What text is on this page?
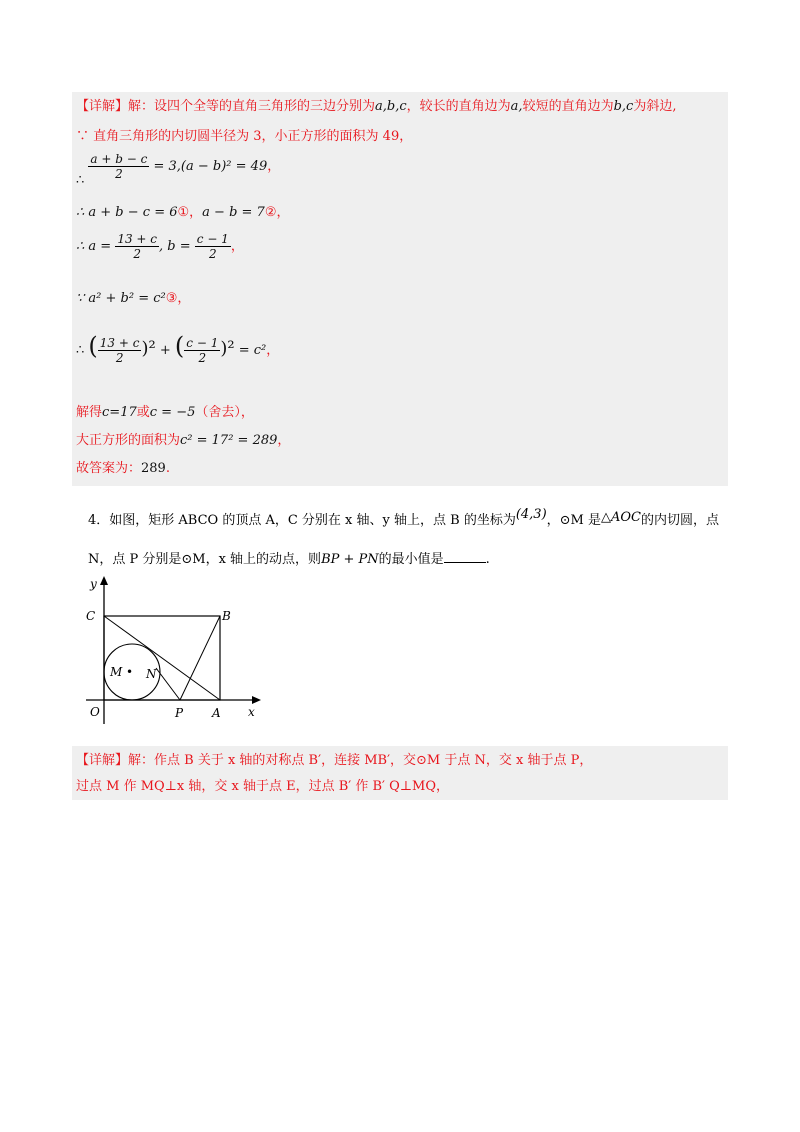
【详解】解：设四个全等的直角三角形的三边分别为a,b,c，较长的直角边为a,较短的直角边为b,c为斜边,
∵ 直角三角形的内切圆半径为 3，小正方形的面积为 49，
∴ $\frac{a + b - c}{2} = 3,(a - b)^2 = 49$，
∴ a + b − c = 6①，a − b = 7②，
∴ $a = \frac{13 + c}{2}$ , $b = \frac{c - 1}{2}$ ，
∵ a² + b² = c²③，
∴ ( $\frac{13 + c}{2} )^2$ + ( $\frac{c - 1}{2} )^2 = c^2$，
解得c=17或c = −5（舍去），
大正方形的面积为c² = 17² = 289，
故答案为：289.
4．如图，矩形 ABCO 的顶点 A，C 分别在 x 轴、y 轴上，点 B 的坐标为(4,3)，⊙M 是△AOC的内切圆，点
N，点 P 分别是⊙M，x 轴上的动点，则BP + PN的最小值是	.
y
C	B
M • N
O	P A x
【详解】解：作点 B 关于 x 轴的对称点 B′，连接 MB′，交⊙M 于点 N，交 x 轴于点 P，
过点 M 作 MQ⊥x 轴，交 x 轴于点 E，过点 B′ 作 B′ Q⊥MQ，
